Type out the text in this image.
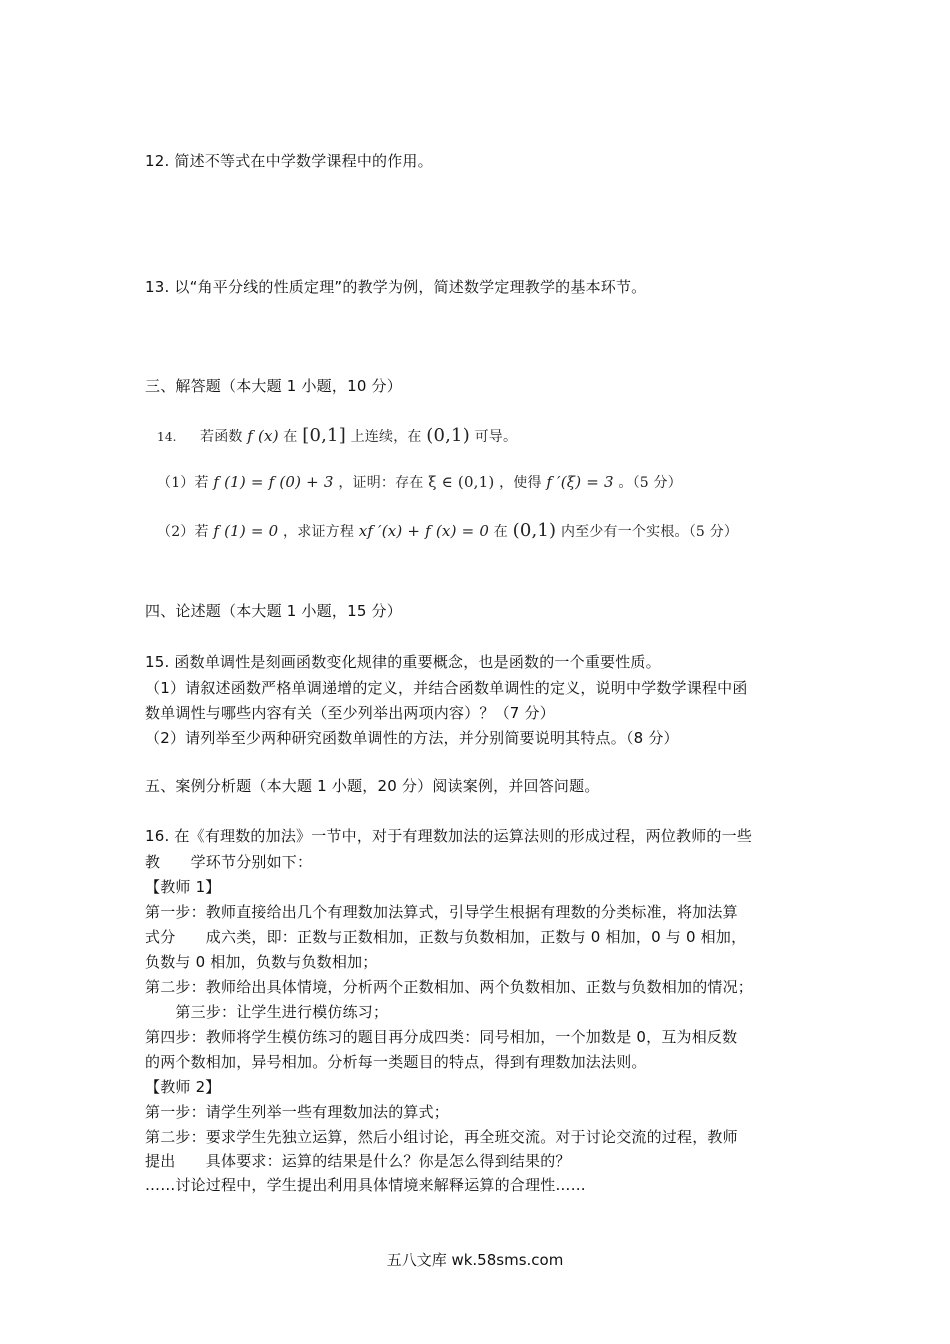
12. 简述不等式在中学数学课程中的作用。
13. 以“角平分线的性质定理”的教学为例，简述数学定理教学的基本环节。
三、解答题（本大题 1 小题，10 分）
14. 若函数 f (x) 在 [0,1] 上连续，在 (0,1) 可导。
（1）若 f (1) = f (0) + 3 ，证明：存在 ξ ∈ (0,1) ，使得 f ′(ξ) = 3 。（5 分）
（2）若 f (1) = 0 ，求证方程 xf ′(x) + f (x) = 0 在 (0,1) 内至少有一个实根。（5 分）
四、论述题（本大题 1 小题，15 分）
15. 函数单调性是刻画函数变化规律的重要概念，也是函数的一个重要性质。
（1）请叙述函数严格单调递增的定义，并结合函数单调性的定义，说明中学数学课程中函
数单调性与哪些内容有关（至少列举出两项内容）？（7 分）
（2）请列举至少两种研究函数单调性的方法，并分别简要说明其特点。（8 分）
五、案例分析题（本大题 1 小题，20 分）阅读案例，并回答问题。
16. 在《有理数的加法》一节中，对于有理数加法的运算法则的形成过程，两位教师的一些
教　　学环节分别如下：
【教师 1】
第一步：教师直接给出几个有理数加法算式，引导学生根据有理数的分类标准，将加法算
式分　　成六类，即：正数与正数相加，正数与负数相加，正数与 0 相加，0 与 0 相加，
负数与 0 相加，负数与负数相加；
第二步：教师给出具体情境，分析两个正数相加、两个负数相加、正数与负数相加的情况；
　　第三步：让学生进行模仿练习；
第四步：教师将学生模仿练习的题目再分成四类：同号相加，一个加数是 0，互为相反数
的两个数相加，异号相加。分析每一类题目的特点，得到有理数加法法则。
【教师 2】
第一步：请学生列举一些有理数加法的算式；
第二步：要求学生先独立运算，然后小组讨论，再全班交流。对于讨论交流的过程，教师
提出　　具体要求：运算的结果是什么？你是怎么得到结果的？
……讨论过程中，学生提出利用具体情境来解释运算的合理性……
五八文库 wk.58sms.com
